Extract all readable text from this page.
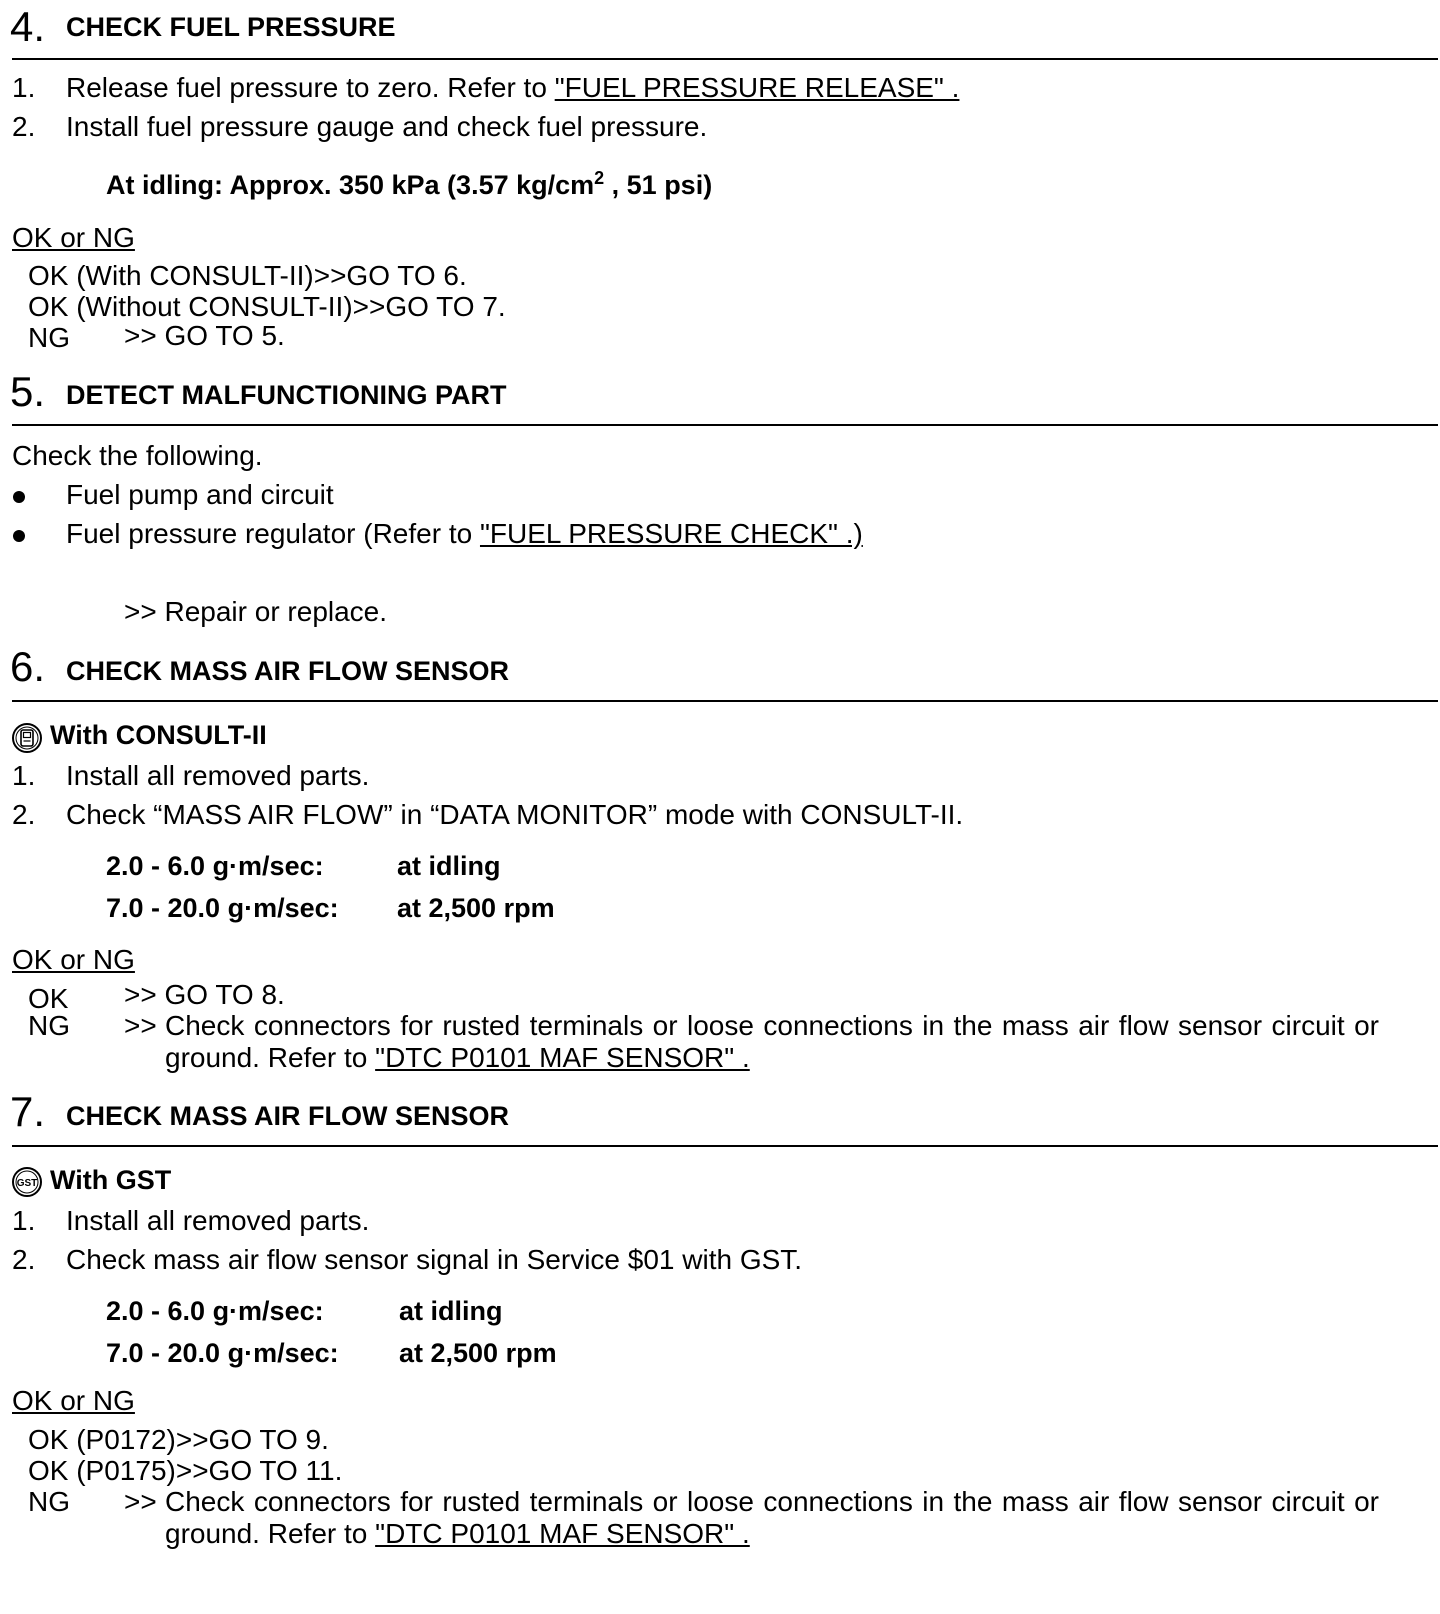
4. CHECK FUEL PRESSURE
1. Release fuel pressure to zero. Refer to "FUEL PRESSURE RELEASE" .
2. Install fuel pressure gauge and check fuel pressure.
At idling: Approx. 350 kPa (3.57 $kg/cm^2$ , 51 psi)
OK or NG
OK (With CONSULT-II)>>GO TO 6.
OK (Without CONSULT-II)>>GO TO 7.
NG >> GO TO 5.
5. DETECT MALFUNCTIONING PART
Check the following.
Fuel pump and circuit
Fuel pressure regulator (Refer to "FUEL PRESSURE CHECK" .)
>> Repair or replace.
6. CHECK MASS AIR FLOW SENSOR
With CONSULT-II
1. Install all removed parts.
2. Check “MASS AIR FLOW” in “DATA MONITOR” mode with CONSULT-II.
2.0 - 6.0 g·m/sec:	at idling
7.0 - 20.0 g·m/sec: at 2,500 rpm
OK or NG
OK >> GO TO 8.
NG >> Check connectors for rusted terminals or loose connections in the mass air flow sensor circuit or ground. Refer to "DTC P0101 MAF SENSOR" .
7. CHECK MASS AIR FLOW SENSOR
GST With GST
1. Install all removed parts.
2. Check mass air flow sensor signal in Service $01 with GST.
2.0 - 6.0 g·m/sec:	at idling
7.0 - 20.0 g·m/sec: at 2,500 rpm
OK or NG
OK (P0172)>>GO TO 9.
OK (P0175)>>GO TO 11.
NG >> Check connectors for rusted terminals or loose connections in the mass air flow sensor circuit or ground. Refer to "DTC P0101 MAF SENSOR" .
